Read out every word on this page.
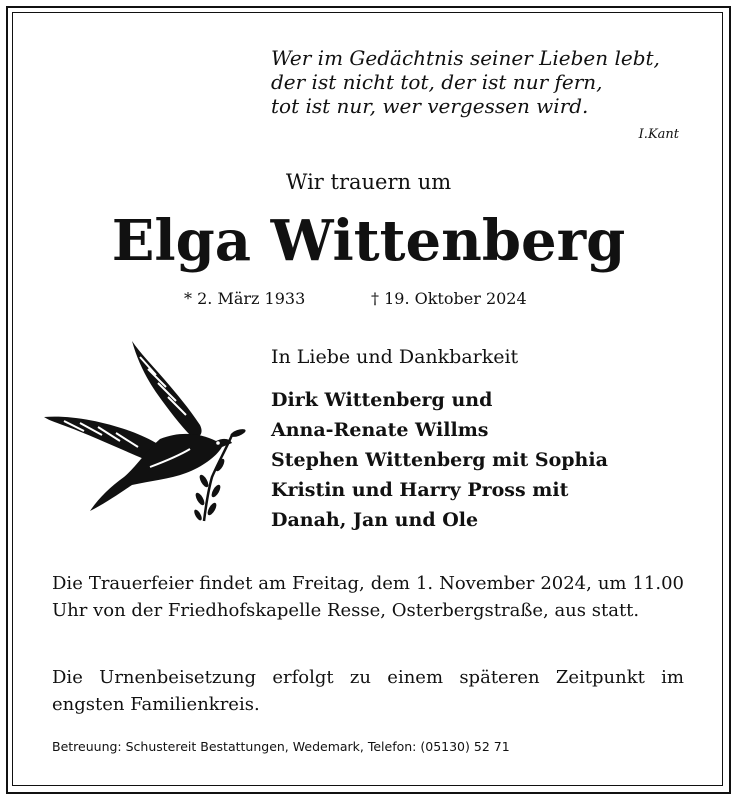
Wer im Gedächtnis seiner Lieben lebt,
der ist nicht tot, der ist nur fern,
tot ist nur, wer vergessen wird.
I.Kant
Wir trauern um
Elga Wittenberg
* 2. März 1933	† 19. Oktober 2024
In Liebe und Dankbarkeit
Dirk Wittenberg und
Anna-Renate Willms
Stephen Wittenberg mit Sophia
Kristin und Harry Pross mit
Danah, Jan und Ole
Die Trauerfeier findet am Freitag, dem 1. November 2024, um 11.00 Uhr von der Friedhofskapelle Resse, Osterbergstraße, aus statt.
Die Urnenbeisetzung erfolgt zu einem späteren Zeitpunkt im engsten Familienkreis.
Betreuung: Schustereit Bestattungen, Wedemark, Telefon: (05130) 52 71
